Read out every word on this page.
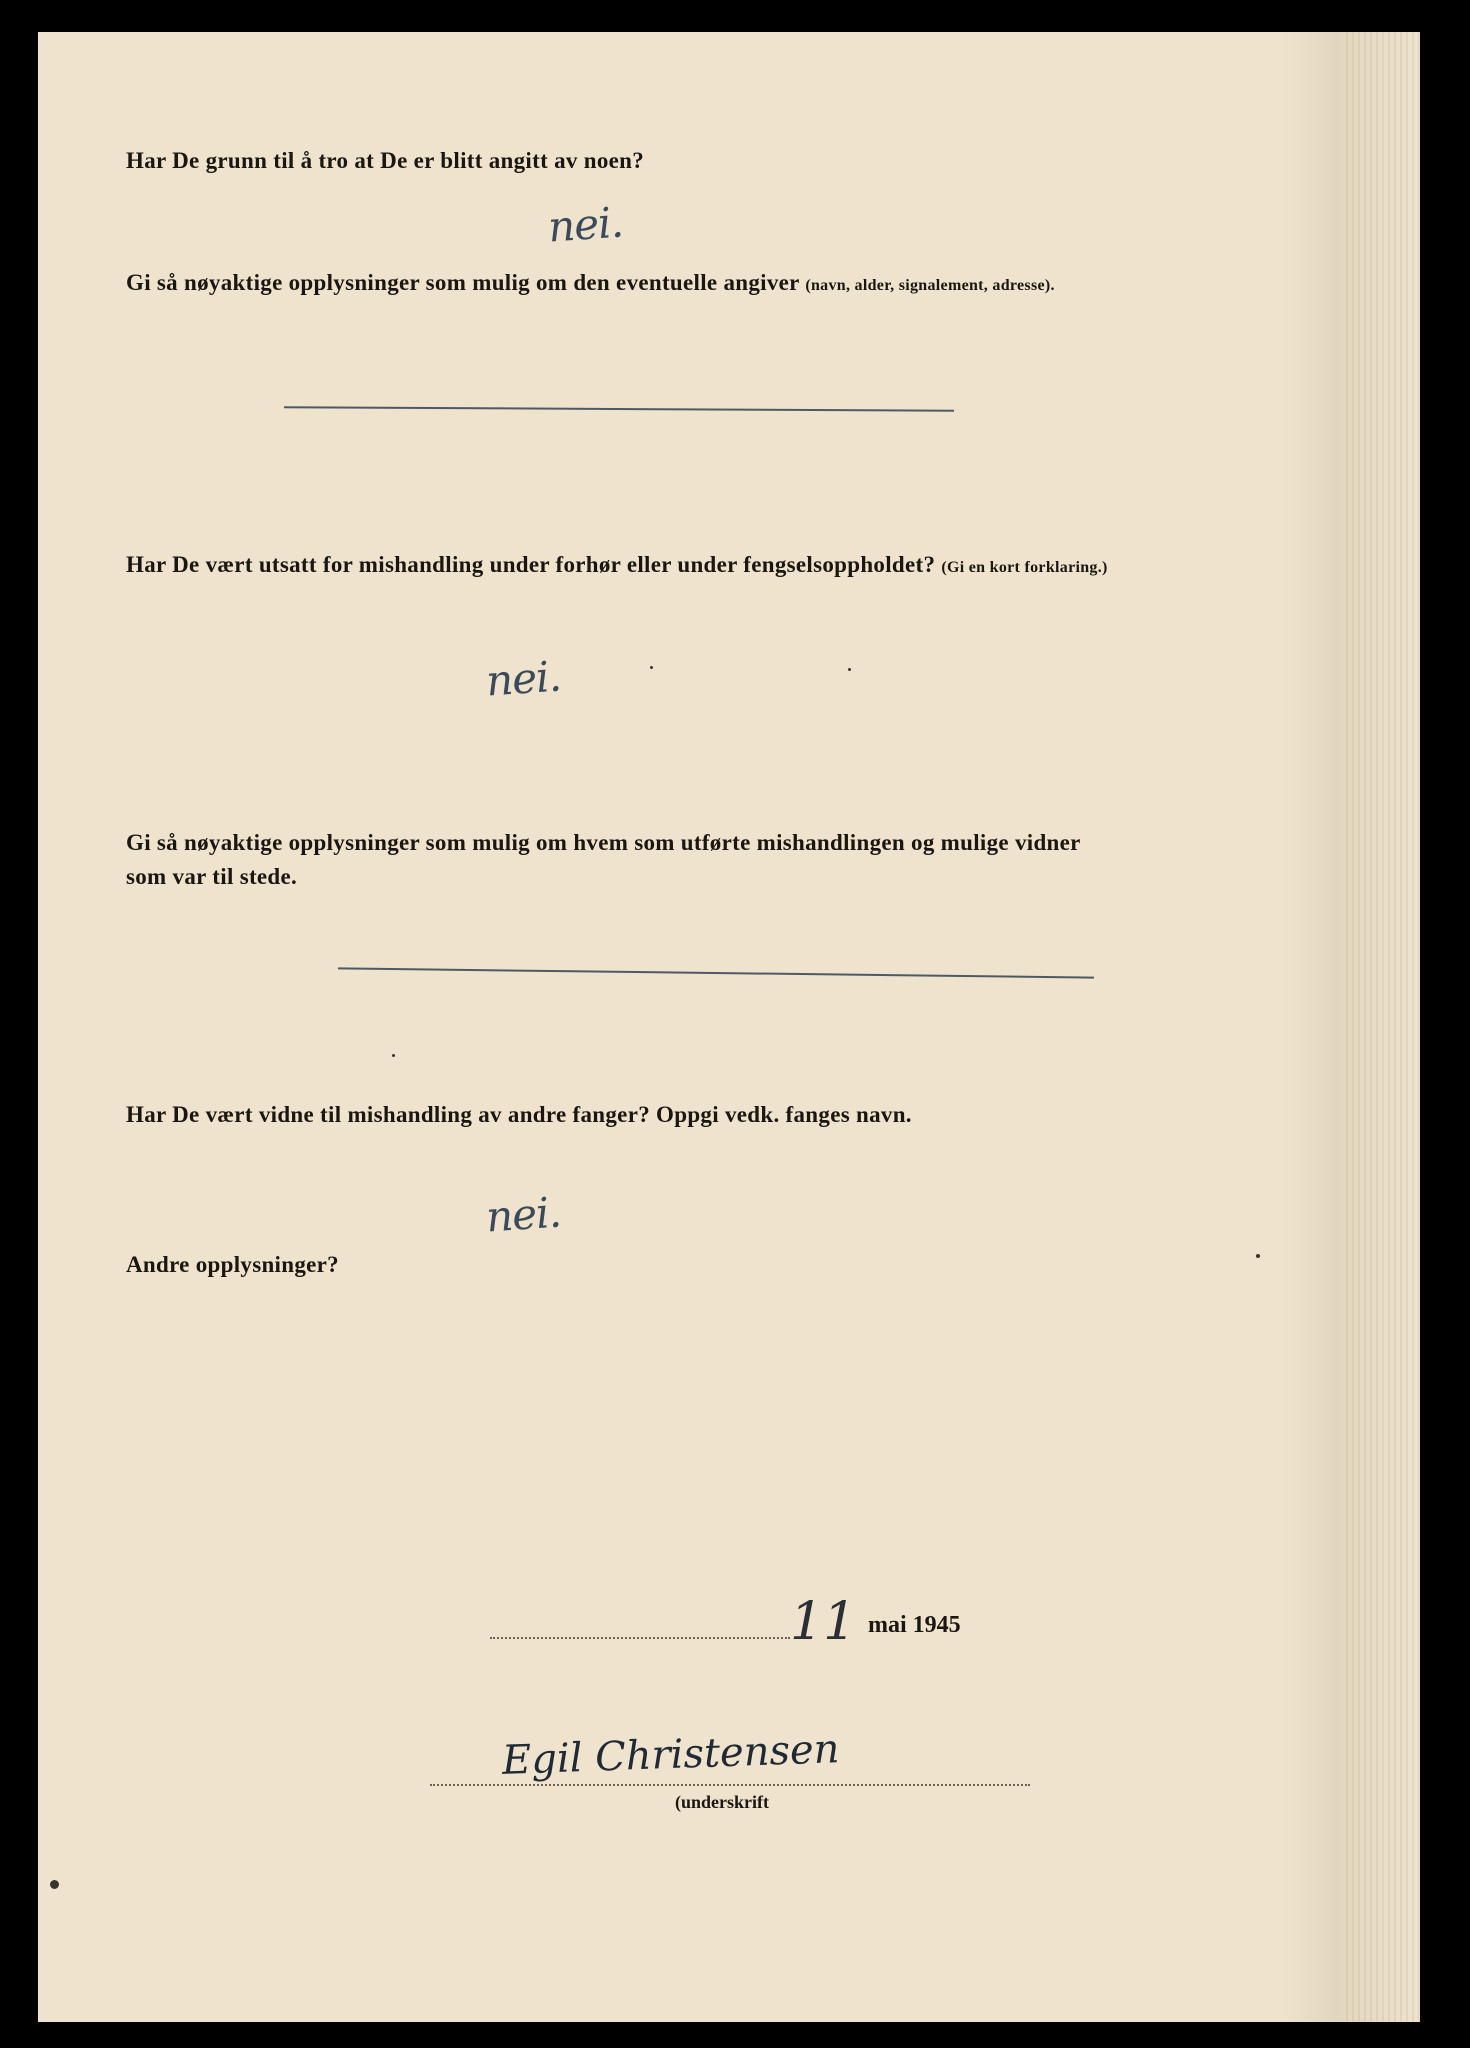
Har De grunn til å tro at De er blitt angitt av noen?
nei.
Gi så nøyaktige opplysninger som mulig om den eventuelle angiver (navn, alder, signalement, adresse).
Har De vært utsatt for mishandling under forhør eller under fengselsoppholdet? (Gi en kort forklaring.)
nei.
Gi så nøyaktige opplysninger som mulig om hvem som utførte mishandlingen og mulige vidner
som var til stede.
Har De vært vidne til mishandling av andre fanger? Oppgi vedk. fanges navn.
nei.
Andre opplysninger?
11 mai 1945
Egil Christensen
(underskrift
